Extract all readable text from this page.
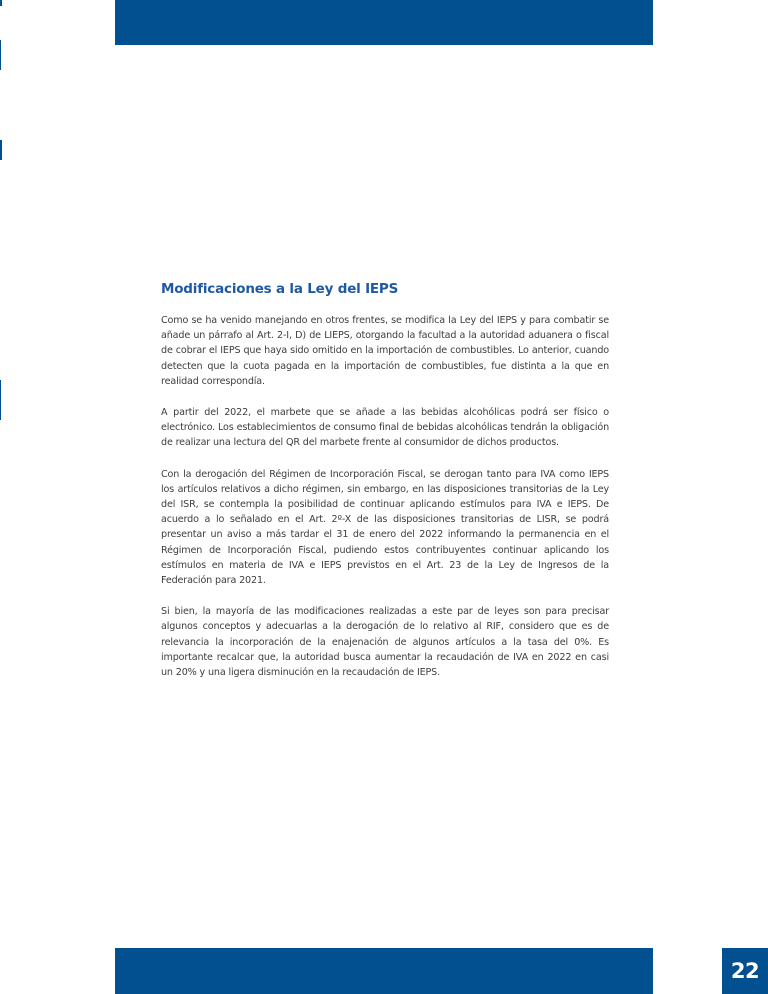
Modificaciones a la Ley del IEPS

Como se ha venido manejando en otros frentes, se modifica la Ley del IEPS y para combatir se añade un párrafo al Art. 2-I, D) de LIEPS, otorgando la facultad a la autoridad aduanera o fiscal de cobrar el IEPS que haya sido omitido en la importación de combustibles. Lo anterior, cuando detecten que la cuota pagada en la importación de combustibles, fue distinta a la que en realidad correspondía.

A partir del 2022, el marbete que se añade a las bebidas alcohólicas podrá ser físico o electrónico. Los establecimientos de consumo final de bebidas alcohólicas tendrán la obligación de realizar una lectura del QR del marbete frente al consumidor de dichos productos.

Con la derogación del Régimen de Incorporación Fiscal, se derogan tanto para IVA como IEPS los artículos relativos a dicho régimen, sin embargo, en las disposiciones transitorias de la Ley del ISR, se contempla la posibilidad de continuar aplicando estímulos para IVA e IEPS. De acuerdo a lo señalado en el Art. 2º-X de las disposiciones transitorias de LISR, se podrá presentar un aviso a más tardar el 31 de enero del 2022 informando la permanencia en el Régimen de Incorporación Fiscal, pudiendo estos contribuyentes continuar aplicando los estímulos en materia de IVA e IEPS previstos en el Art. 23 de la Ley de Ingresos de la Federación para 2021.

Si bien, la mayoría de las modificaciones realizadas a este par de leyes son para precisar algunos conceptos y adecuarlas a la derogación de lo relativo al RIF, considero que es de relevancia la incorporación de la enajenación de algunos artículos a la tasa del 0%. Es importante recalcar que, la autoridad busca aumentar la recaudación de IVA en 2022 en casi un 20% y una ligera disminución en la recaudación de IEPS.

22
